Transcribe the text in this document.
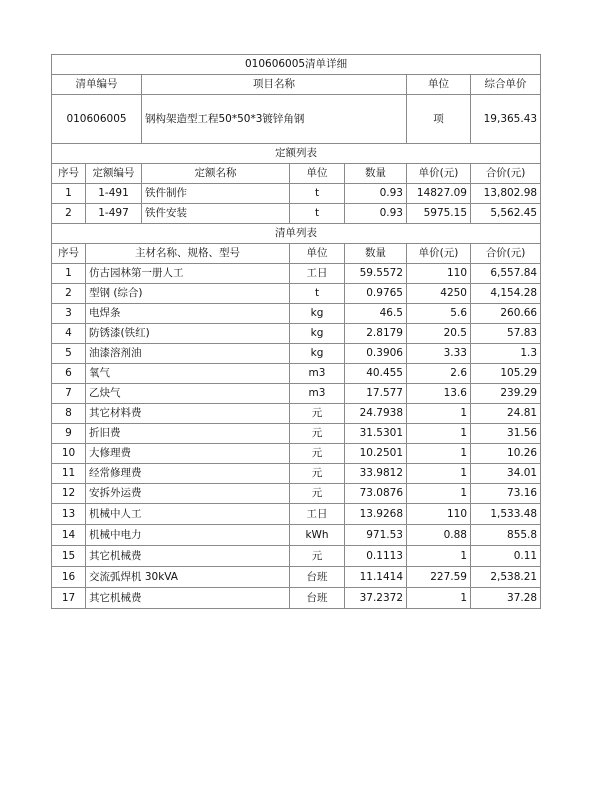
010606005清单详细						
清单编号		项目名称			单位	综合单价
010606005		钢构架造型工程50*50*3镀锌角钢			项	19,365.43
定额列表						
序号	定额编号	定额名称	单位	数量	单价(元)	合价(元)
1	1-491	铁件制作	t	0.93	14827.09	13,802.98
2	1-497	铁件安装	t	0.93	5975.15	5,562.45
清单列表						
序号	主材名称、规格、型号		单位	数量	单价(元)	合价(元)
1	仿古园林第一册人工		工日	59.5572	110	6,557.84
2	型钢 (综合)		t	0.9765	4250	4,154.28
3	电焊条		kg	46.5	5.6	260.66
4	防锈漆(铁红)		kg	2.8179	20.5	57.83
5	油漆溶剂油		kg	0.3906	3.33	1.3
6	氧气		m3	40.455	2.6	105.29
7	乙炔气		m3	17.577	13.6	239.29
8	其它材料费		元	24.7938	1	24.81
9	折旧费		元	31.5301	1	31.56
10	大修理费		元	10.2501	1	10.26
11	经常修理费		元	33.9812	1	34.01
12	安拆外运费		元	73.0876	1	73.16
13	机械中人工		工日	13.9268	110	1,533.48
14	机械中电力		kWh	971.53	0.88	855.8
15	其它机械费		元	0.1113	1	0.11
16	交流弧焊机 30kVA		台班	11.1414	227.59	2,538.21
17	其它机械费		台班	37.2372	1	37.28
